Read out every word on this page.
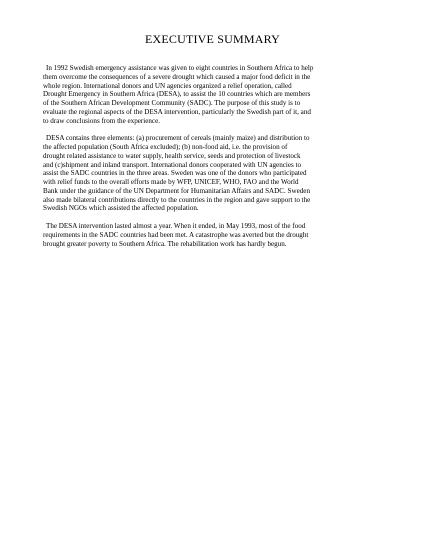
EXECUTIVE SUMMARY

In 1992 Swedish emergency assistance was given to eight countries in Southern Africa to help
them overcome the consequences of a severe drought which caused a major food deficit in the
whole region. International donors and UN agencies organized a relief operation, called
Drought Emergency in Southern Africa (DESA), to assist the 10 countries which are members
of the Southern African Development Community (SADC). The purpose of this study is to
evaluate the regional aspects of the DESA intervention, particularly the Swedish part of it, and
to draw conclusions from the experience.

DESA contains three elements: (a) procurement of cereals (mainly maize) and distribution to
the affected population (South Africa excluded); (b) non-food aid, i.e. the provision of
drought related assistance to water supply, health service, seeds and protection of livestock
and (c)shipment and inland transport. International donors cooperated with UN agencies to
assist the SADC countries in the three areas. Sweden was one of the donors who participated
with relief funds to the overall efforts made by WFP, UNICEF, WHO, FAO and the World
Bank under the guidance of the UN Department for Humanitarian Affairs and SADC. Sweden
also made bilateral contributions directly to the countries in the region and gave support to the
Swedish NGOs which assisted the affected population.

The DESA intervention lasted almost a year. When it ended, in May 1993, most of the food
requirements in the SADC countries had been met. A catastrophe was averted but the drought
brought greater poverty to Southern Africa. The rehabilitation work has hardly begun.
